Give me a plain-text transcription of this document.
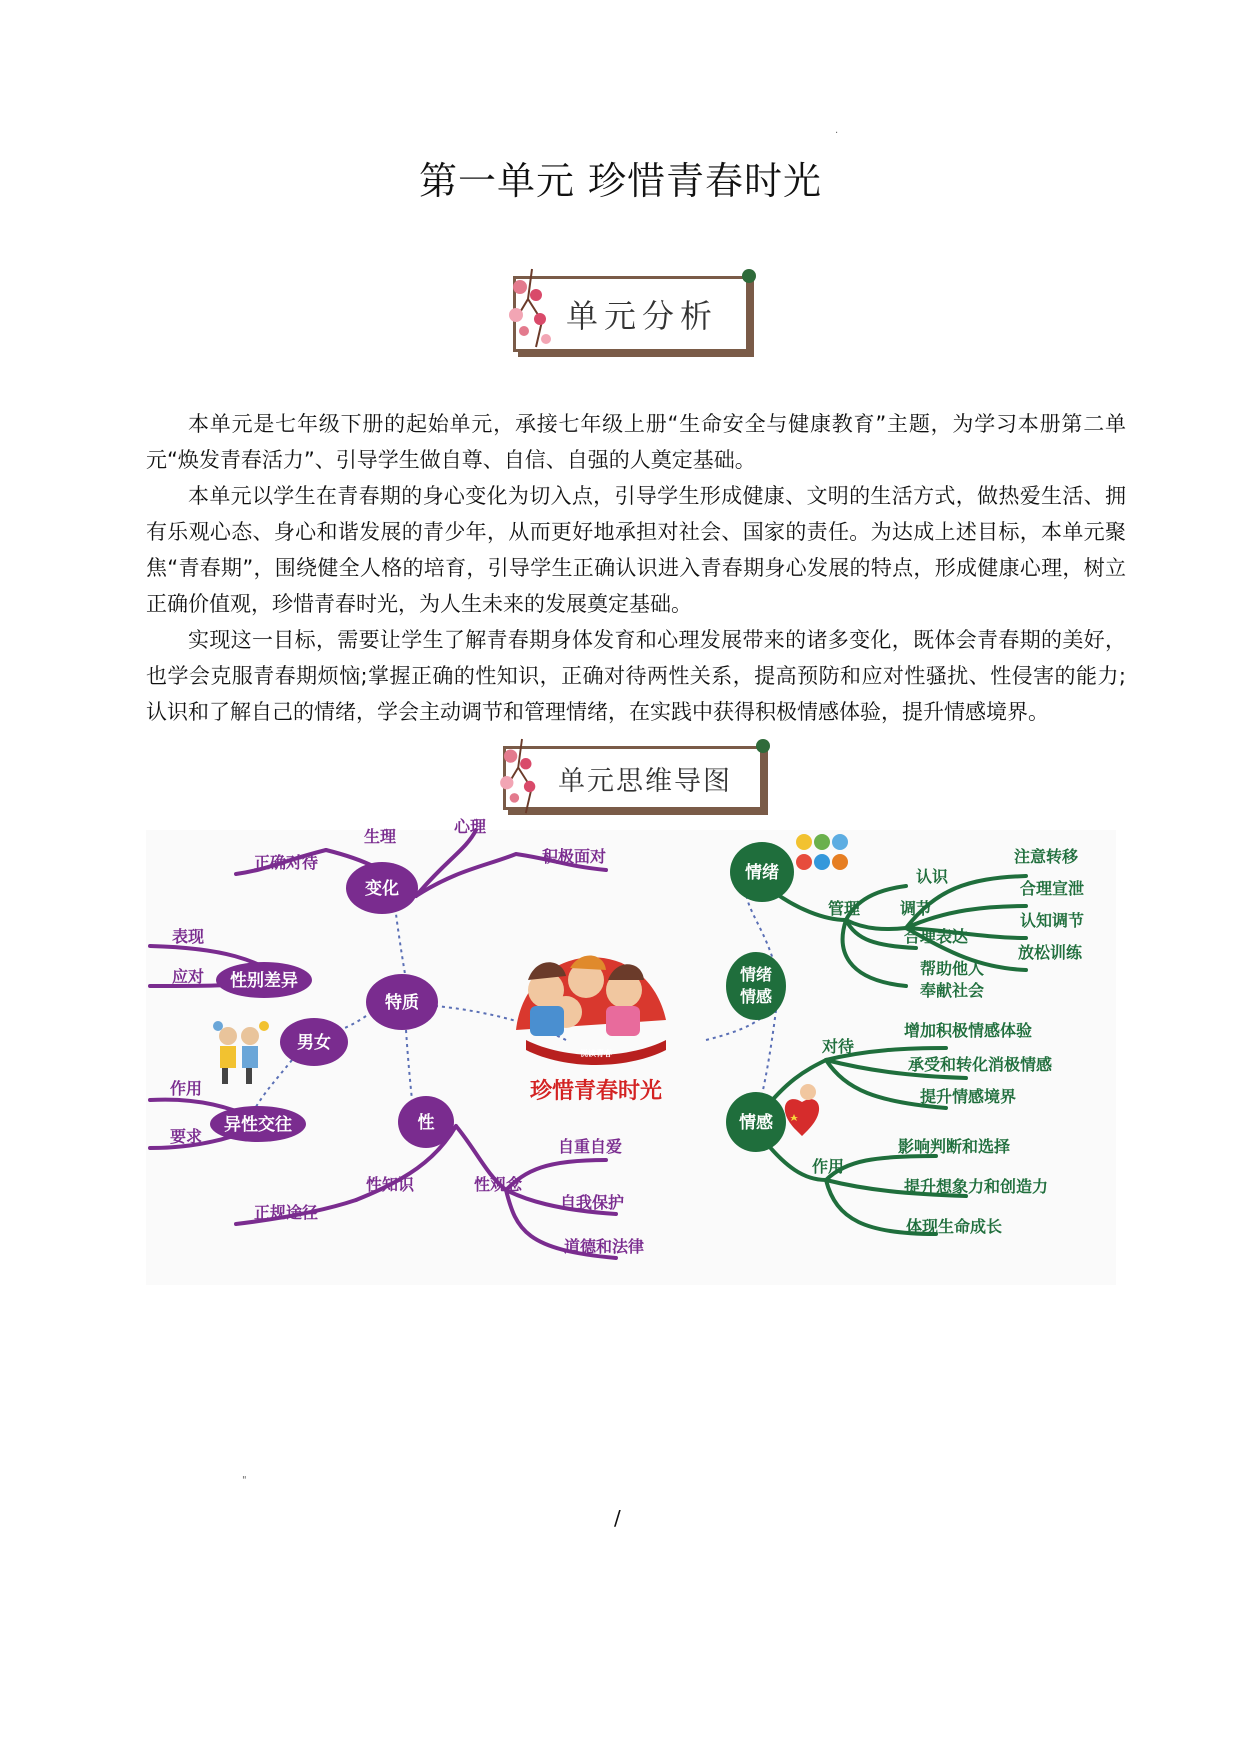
·
"
第一单元 珍惜青春时光
单元分析

本单元是七年级下册的起始单元，承接七年级上册“生命安全与健康教育”主题，为学习本册第二单元“焕发青春活力”、引导学生做自尊、自信、自强的人奠定基础。

本单元以学生在青春期的身心变化为切入点，引导学生形成健康、文明的生活方式，做热爱生活、拥有乐观心态、身心和谐发展的青少年，从而更好地承担对社会、国家的责任。为达成上述目标，本单元聚焦“青春期”，围绕健全人格的培育，引导学生正确认识进入青春期身心发展的特点，形成健康心理，树立正确价值观，珍惜青春时光，为人生未来的发展奠定基础。

实现这一目标，需要让学生了解青春期身体发育和心理发展带来的诸多变化，既体会青春期的美好，也学会克服青春期烦恼;掌握正确的性知识，正确对待两性关系，提高预防和应对性骚扰、性侵害的能力;认识和了解自己的情绪，学会主动调节和管理情绪，在实践中获得积极情感体验，提升情感境界。

单元思维导图
变化
特质
男女
性别差异
异性交往	性
生理
心理
正确对待	积极面对
表现
应对
作用
要求
性知识
正规途径
性观念
自重自爱
自我保护
道德和法律
悦读青春
珍惜青春时光
情绪
情绪
情感
情感
管理
认识
调节
合理表达
帮助他人
奉献社会
注意转移
合理宣泄
认知调节
放松训练
对待
增加积极情感体验
承受和转化消极情感
提升情感境界
作用
影响判断和选择
提升想象力和创造力
体现生命成长
/
